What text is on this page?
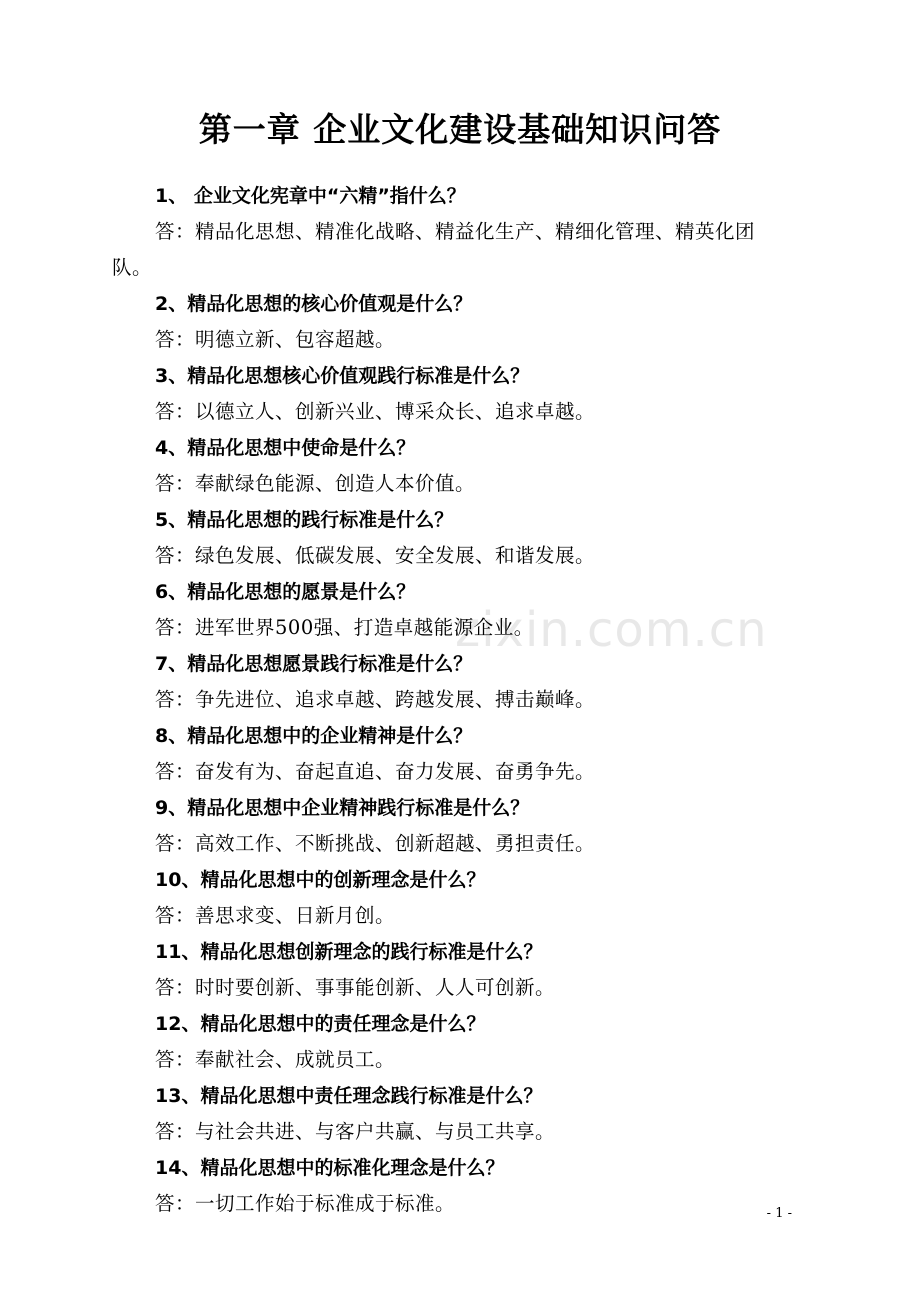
第一章 企业文化建设基础知识问答
zixin.com.cn
1、 企业文化宪章中“六精”指什么？
答：精品化思想、精准化战略、精益化生产、精细化管理、精英化团
队。
2、精品化思想的核心价值观是什么？
答：明德立新、包容超越。
3、精品化思想核心价值观践行标准是什么？
答：以德立人、创新兴业、博采众长、追求卓越。
4、精品化思想中使命是什么？
答：奉献绿色能源、创造人本价值。
5、精品化思想的践行标准是什么？
答：绿色发展、低碳发展、安全发展、和谐发展。
6、精品化思想的愿景是什么？
答：进军世界500强、打造卓越能源企业。
7、精品化思想愿景践行标准是什么？
答：争先进位、追求卓越、跨越发展、搏击巅峰。
8、精品化思想中的企业精神是什么？
答：奋发有为、奋起直追、奋力发展、奋勇争先。
9、精品化思想中企业精神践行标准是什么？
答：高效工作、不断挑战、创新超越、勇担责任。
10、精品化思想中的创新理念是什么？
答：善思求变、日新月创。
11、精品化思想创新理念的践行标准是什么？
答：时时要创新、事事能创新、人人可创新。
12、精品化思想中的责任理念是什么？
答：奉献社会、成就员工。
13、精品化思想中责任理念践行标准是什么？
答：与社会共进、与客户共赢、与员工共享。
14、精品化思想中的标准化理念是什么？
答：一切工作始于标准成于标准。	- 1 -
